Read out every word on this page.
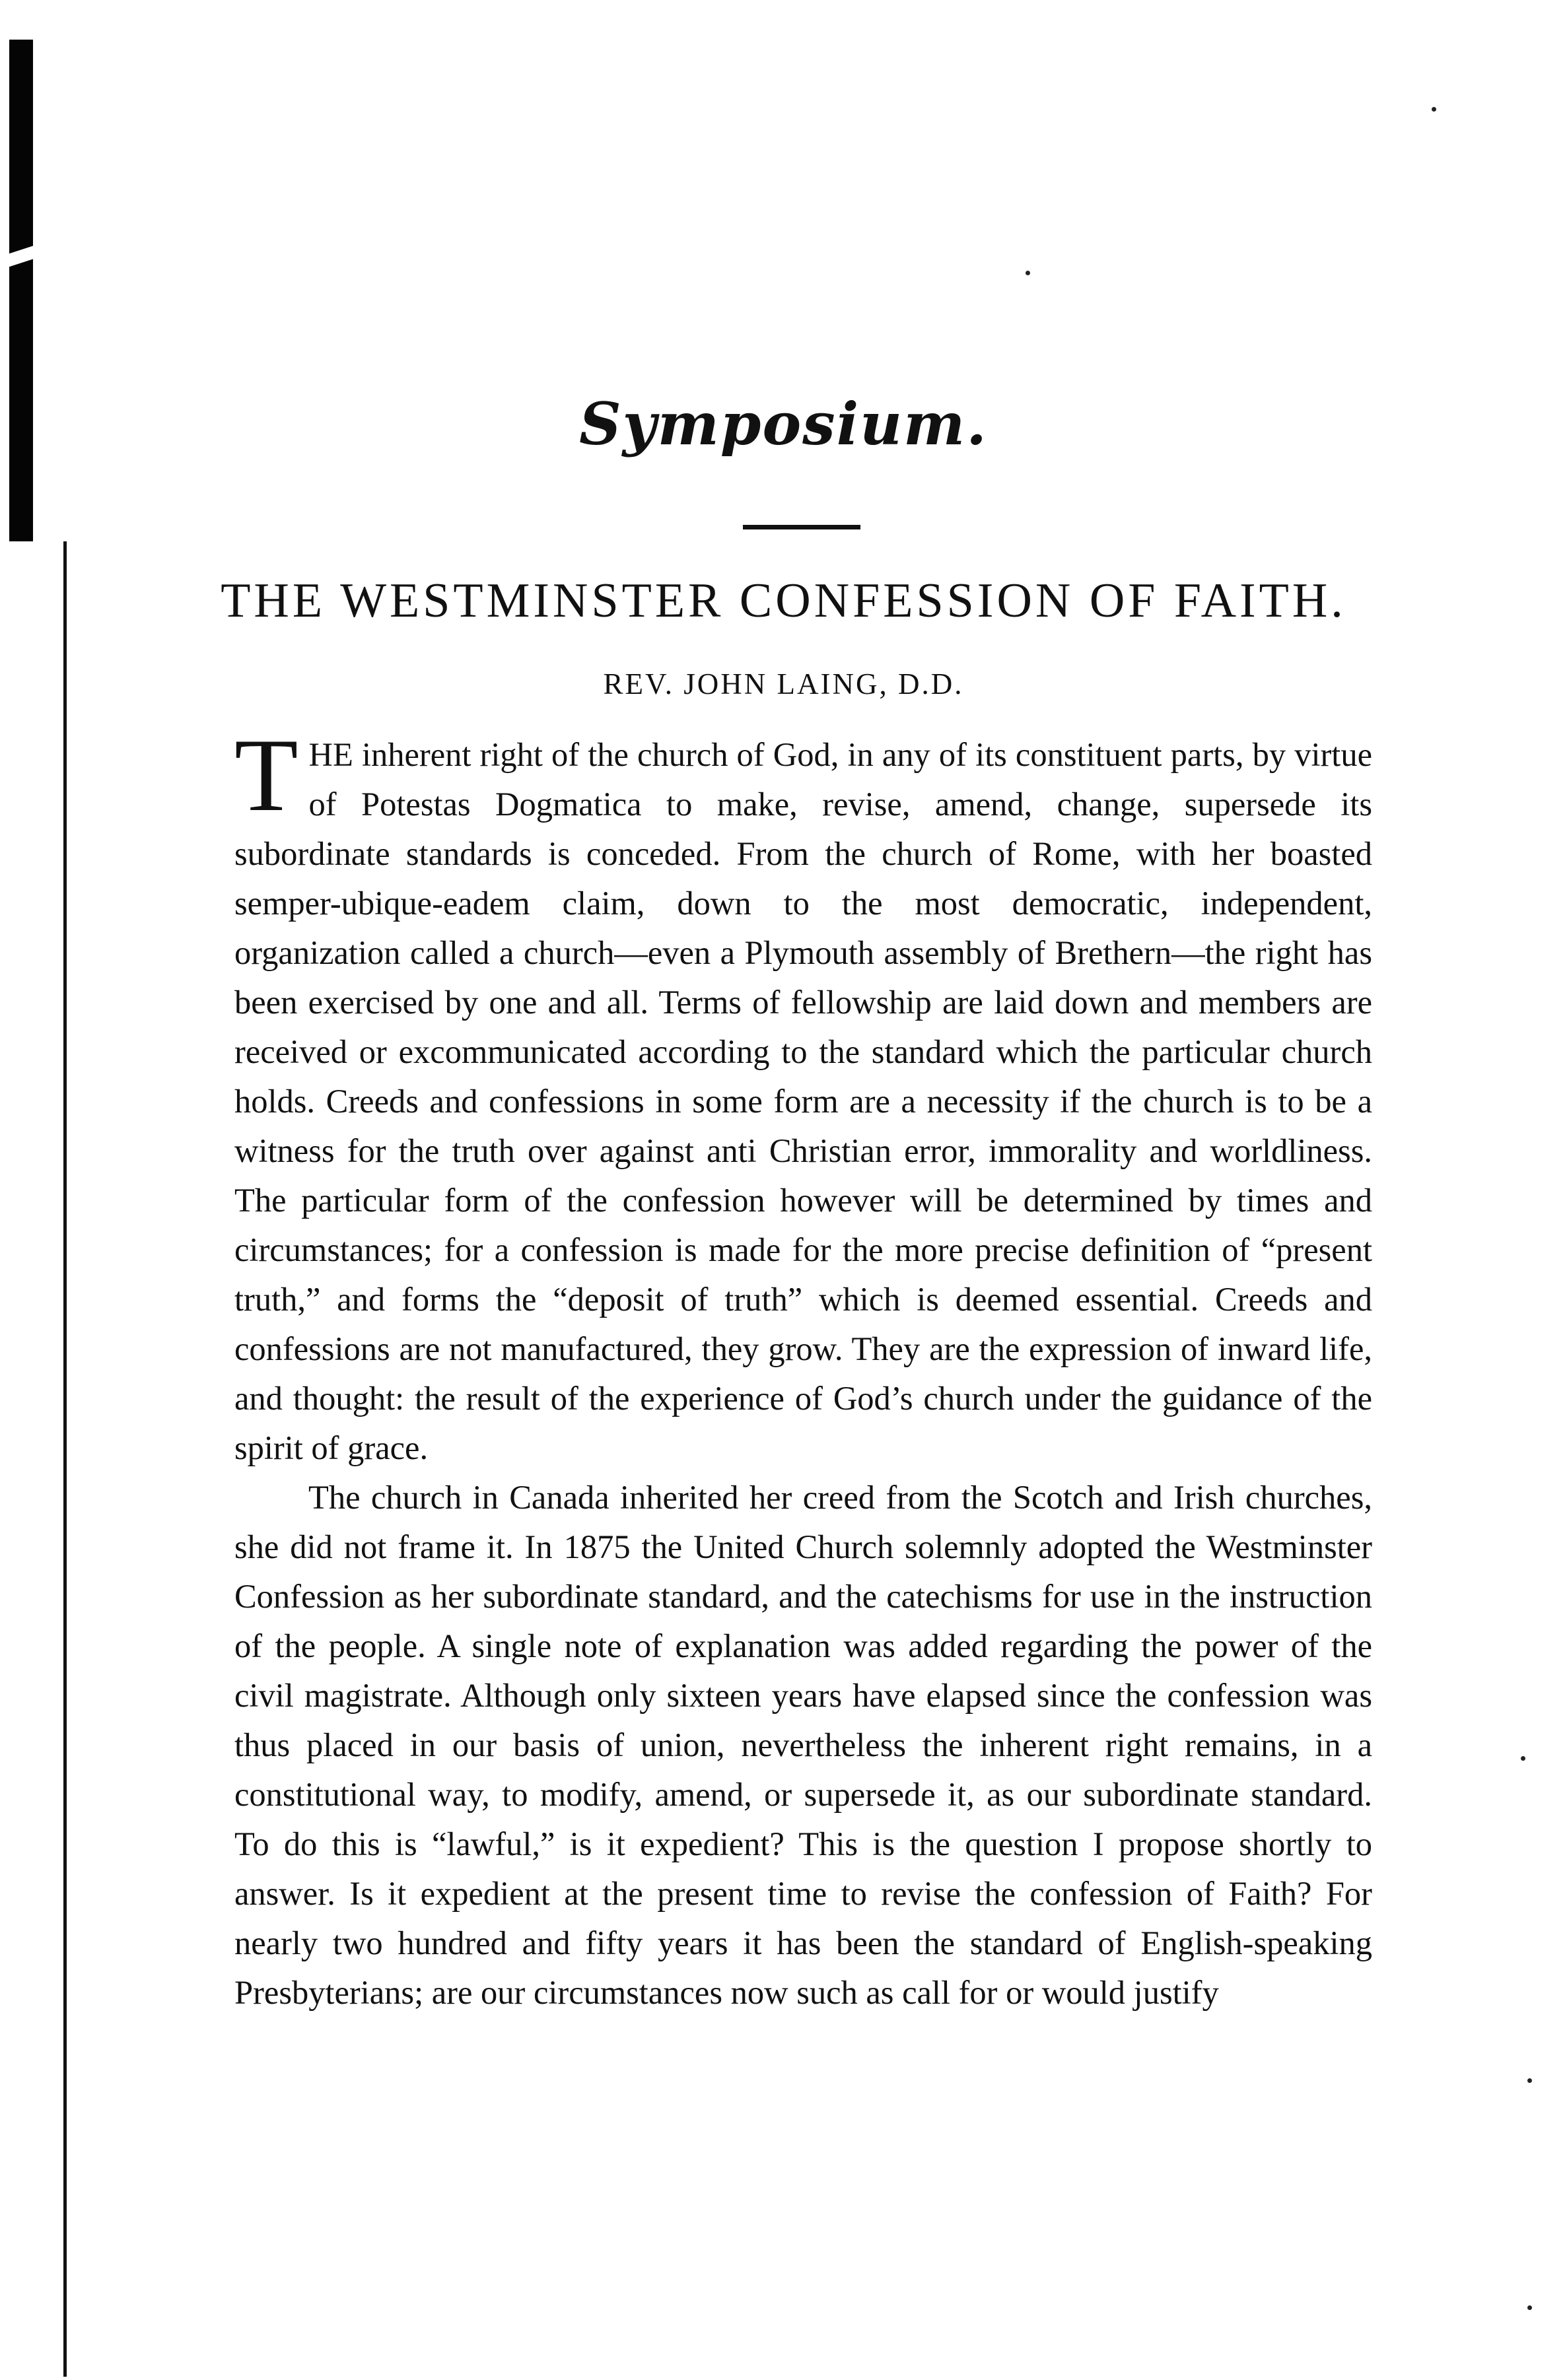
Symposium.
THE WESTMINSTER CONFESSION OF FAITH.
REV. JOHN LAING, D.D.

THE inherent right of the church of God, in any of its constituent parts, by virtue of Potestas Dogmatica to make, revise, amend, change, supersede its subordinate standards is conceded. From the church of Rome, with her boasted semper-ubique-eadem claim, down to the most democratic, independent, organization called a church—even a Plymouth assembly of Brethern—the right has been exercised by one and all. Terms of fellowship are laid down and members are received or excommunicated according to the standard which the particular church holds. Creeds and confessions in some form are a necessity if the church is to be a witness for the truth over against anti Christian error, immorality and worldliness. The particular form of the confession however will be determined by times and circumstances; for a confession is made for the more precise definition of “present truth,” and forms the “deposit of truth” which is deemed essential. Creeds and confessions are not manufactured, they grow. They are the expression of inward life, and thought: the result of the experience of God’s church under the guidance of the spirit of grace.

The church in Canada inherited her creed from the Scotch and Irish churches, she did not frame it. In 1875 the United Church solemnly adopted the Westminster Confession as her subordinate standard, and the catechisms for use in the instruction of the people. A single note of explanation was added regarding the power of the civil magistrate. Although only sixteen years have elapsed since the confession was thus placed in our basis of union, nevertheless the inherent right remains, in a constitutional way, to modify, amend, or supersede it, as our subordinate standard. To do this is “lawful,” is it expedient? This is the question I propose shortly to answer. Is it expedient at the present time to revise the confession of Faith? For nearly two hundred and fifty years it has been the standard of English-speaking Presbyterians; are our circumstances now such as call for or would justify
